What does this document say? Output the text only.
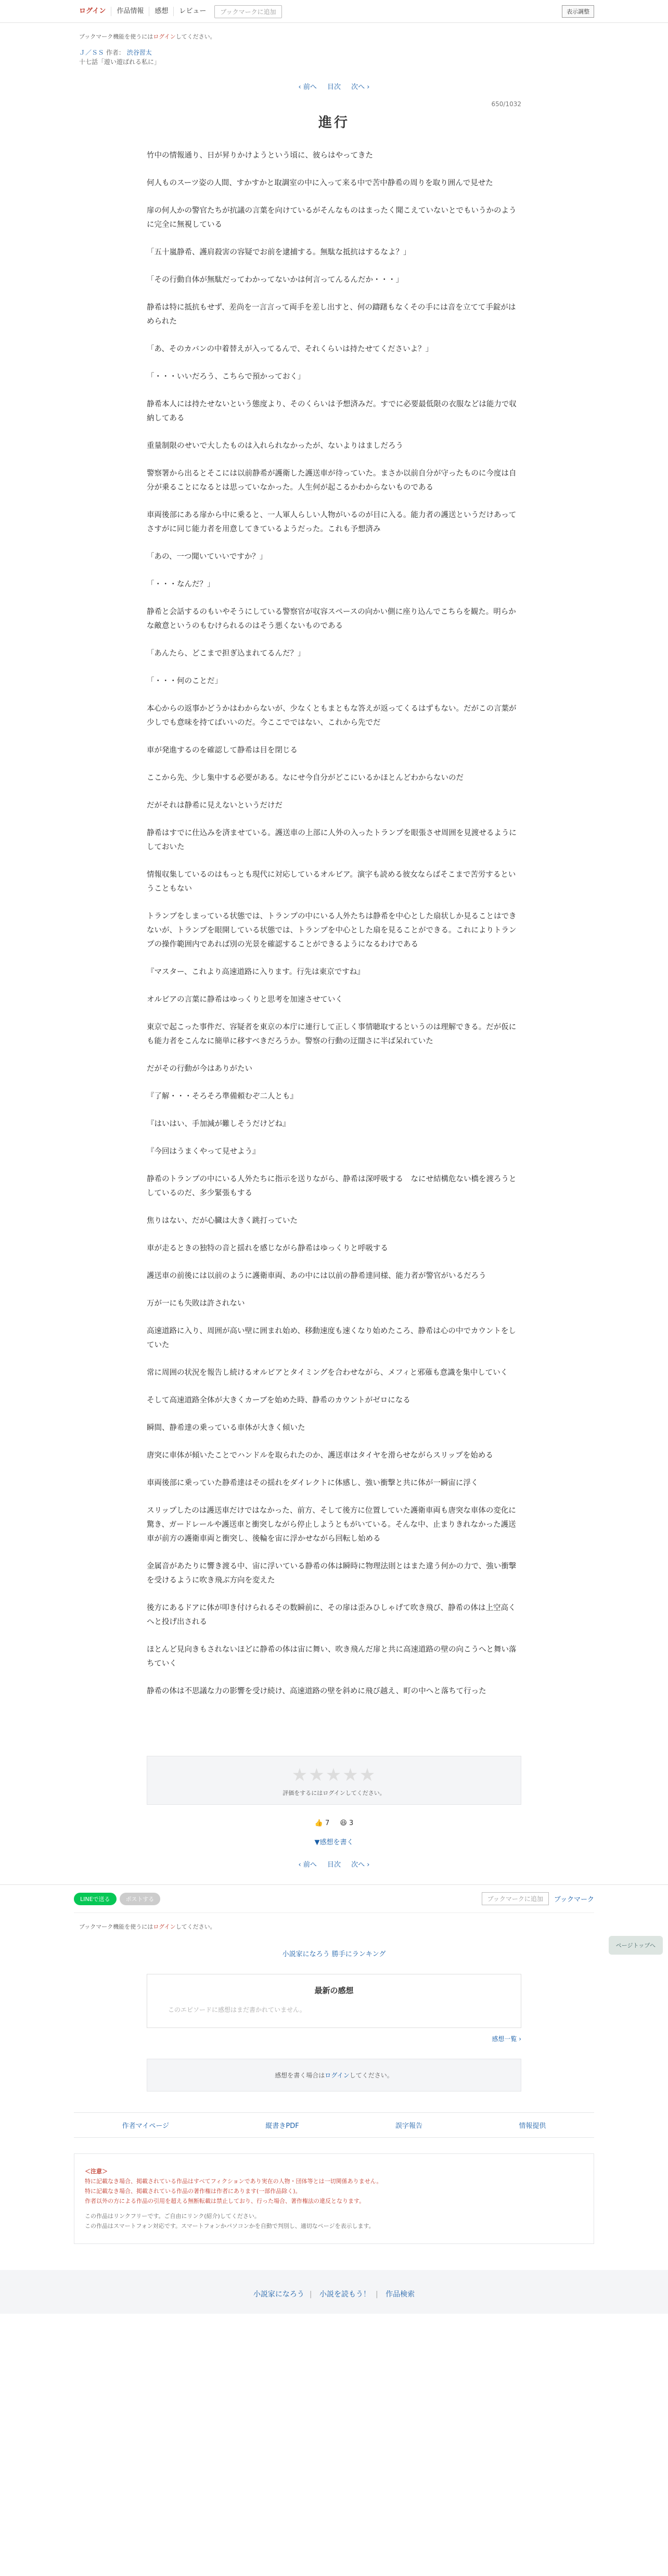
ログイン	作品情報	感想	レビュー	ブックマークに追加	表示調整
ブックマーク機能を使うにはログインしてください。
Ｊ／ＳＳ 作者： 渋谷習太
十七話「遊い遊ばれる私に」
‹ 前へ 目次 次へ ›
650/1032
進行

竹中の情報通り、日が昇りかけようという頃に、彼らはやってきた

何人ものスーツ姿の人間、すかすかと取調室の中に入って来る中で苦中静希の周りを取り囲んで見せた

扉の何人かの警官たちが抗議の言葉を向けているがそんなものはまったく聞こえていないとでもいうかのように完全に無視している

「五十嵐静希、護肩殺害の容疑でお前を逮捕する。無駄な抵抗はするなよ？」

「その行動自体が無駄だってわかってないかは何言ってんるんだか・・・」

静希は特に抵抗もせず、差尚を一言言って両手を差し出すと、何の躊躇もなくその手には音を立てて手錠がはめられた

「あ、そのカバンの中着替えが入ってるんで、それくらいは持たせてくださいよ？」

「・・・いいだろう、こちらで預かっておく」

静希本人には持たせないという態度より、そのくらいは予想済みだ。すでに必要最低限の衣服などは能力で収納してある

重量制限のせいで大したものは入れられなかったが、ないよりはましだろう

警察署から出るとそこには以前静希が護衛した護送車が待っていた。まさか以前自分が守ったものに今度は自分が乗ることになるとは思っていなかった。人生何が起こるかわからないものである

車両後部にある扉から中に乗ると、一人軍人らしい人物がいるのが目に入る。能力者の護送というだけあってさすがに同じ能力者を用意してきているようだった。これも予想済み

「あの、一つ聞いていいですか？」

「・・・なんだ？」

静希と会話するのもいやそうにしている警察官が収容スペースの向かい側に座り込んでこちらを観た。明らかな敵意というのもむけられるのはそう悪くないものである

「あんたら、どこまで担ぎ込まれてるんだ？」

「・・・何のことだ」

本心からの返事かどうかはわからないが、少なくともまともな答えが返ってくるはずもない。だがこの言葉が少しでも意味を持てばいいのだ。今ここでではない、これから先でだ

車が発進するのを確認して静希は目を閉じる

ここから先、少し集中する必要がある。なにせ今自分がどこにいるかほとんどわからないのだ

だがそれは静希に見えないというだけだ

静希はすでに仕込みを済ませている。護送車の上部に人外の入ったトランプを眼張させ周囲を見渡せるようにしておいた

情報収集しているのはもっとも現代に対応しているオルビア。演字も読める彼女ならばそこまで苦労するということもない

トランプをしまっている状態では、トランプの中にいる人外たちは静希を中心とした扇状しか見ることはできないが、トランプを眼開している状態では、トランプを中心とした扇を見ることができる。これによりトランプの操作範囲内であれば別の光景を確認することができるようになるわけである

『マスター、これより高速道路に入ります。行先は東京ですね』

オルビアの言葉に静希はゆっくりと思考を加速させていく

東京で起こった事件だ、容疑者を東京の本庁に連行して正しく事情聴取するというのは理解できる。だが仮にも能力者をこんなに簡単に移すべきだろうか。警察の行動の迂闊さに半ば呆れていた

だがその行動が今はありがたい

『了解・・・そろそろ準備頼むぞ二人とも』

『はいはい、手加減が難しそうだけどね』

『今回はうまくやって見せよう』

静希のトランプの中にいる人外たちに指示を送りながら、静希は深呼吸する　なにせ結構危ない橋を渡ろうとしているのだ、多少緊張もする

焦りはない、だが心臓は大きく跳打っていた

車が走るときの独特の音と揺れを感じながら静希はゆっくりと呼吸する

護送車の前後には以前のように護衛車両、あの中には以前の静希達同様、能力者が警官がいるだろう

万が一にも失敗は許されない

高速道路に入り、周囲が高い壁に囲まれ始め、移動速度も速くなり始めたころ、静希は心の中でカウントをしていた

常に周囲の状況を報告し続けるオルビアとタイミングを合わせながら、メフィと邪薙も意識を集中していく

そして高速道路全体が大きくカーブを始めた時、静希のカウントがゼロになる

瞬間、静希達の乗っている車体が大きく傾いた

唐突に車体が傾いたことでハンドルを取られたのか、護送車はタイヤを滑らせながらスリップを始める

車両後部に乗っていた静希達はその揺れをダイレクトに体感し、強い衝撃と共に体が一瞬宙に浮く

スリップしたのは護送車だけではなかった、前方、そして後方に位置していた護衛車両も唐突な車体の変化に驚き、ガードレールや護送車と衝突しながら停止しようともがいている。そんな中、止まりきれなかった護送車が前方の護衛車両と衝突し、後輪を宙に浮かせながら回転し始める

金属音があたりに響き渡る中、宙に浮いている静希の体は瞬時に物理法則とはまた違う何かの力で、強い衝撃を受けるように吹き飛ぶ方向を変えた

後方にあるドアに体が叩き付けられるその数瞬前に、その扉は歪みひしゃげて吹き飛び、静希の体は上空高くへと投げ出される

ほとんど見向きもされないほどに静希の体は宙に舞い、吹き飛んだ扉と共に高速道路の壁の向こうへと舞い落ちていく

静希の体は不思議な力の影響を受け続け、高速道路の壁を斜めに飛び越え、町の中へと落ちて行った

★★★★★
評価をするにはログインしてください。
👍 7 😆 3
▼感想を書く
‹ 前へ 目次 次へ ›
LINEで送る	ポストする	ブックマークに追加	ブックマーク
ブックマーク機能を使うにはログインしてください。
小説家になろう 勝手にランキング
最新の感想
このエピソードに感想はまだ書かれていません。
感想一覧 ›
感想を書く場合はログインしてください。
作者マイページ	縦書きPDF	誤字報告	情報提供
＜注意＞
特に記載なき場合、掲載されている作品はすべてフィクションであり実在の人物・団体等とは一切関係ありません。
特に記載なき場合、掲載されている作品の著作権は作者にあります(一部作品除く)。
作者以外の方による作品の引用を超える無断転載は禁止しており、行った場合、著作権法の違反となります。
この作品はリンクフリーです。ご自由にリンク(紹介)してください。
この作品はスマートフォン対応です。スマートフォンかパソコンかを自動で判別し、適切なページを表示します。
小説家になろう | 小説を読もう！ | 作品検索
ページトップへ
